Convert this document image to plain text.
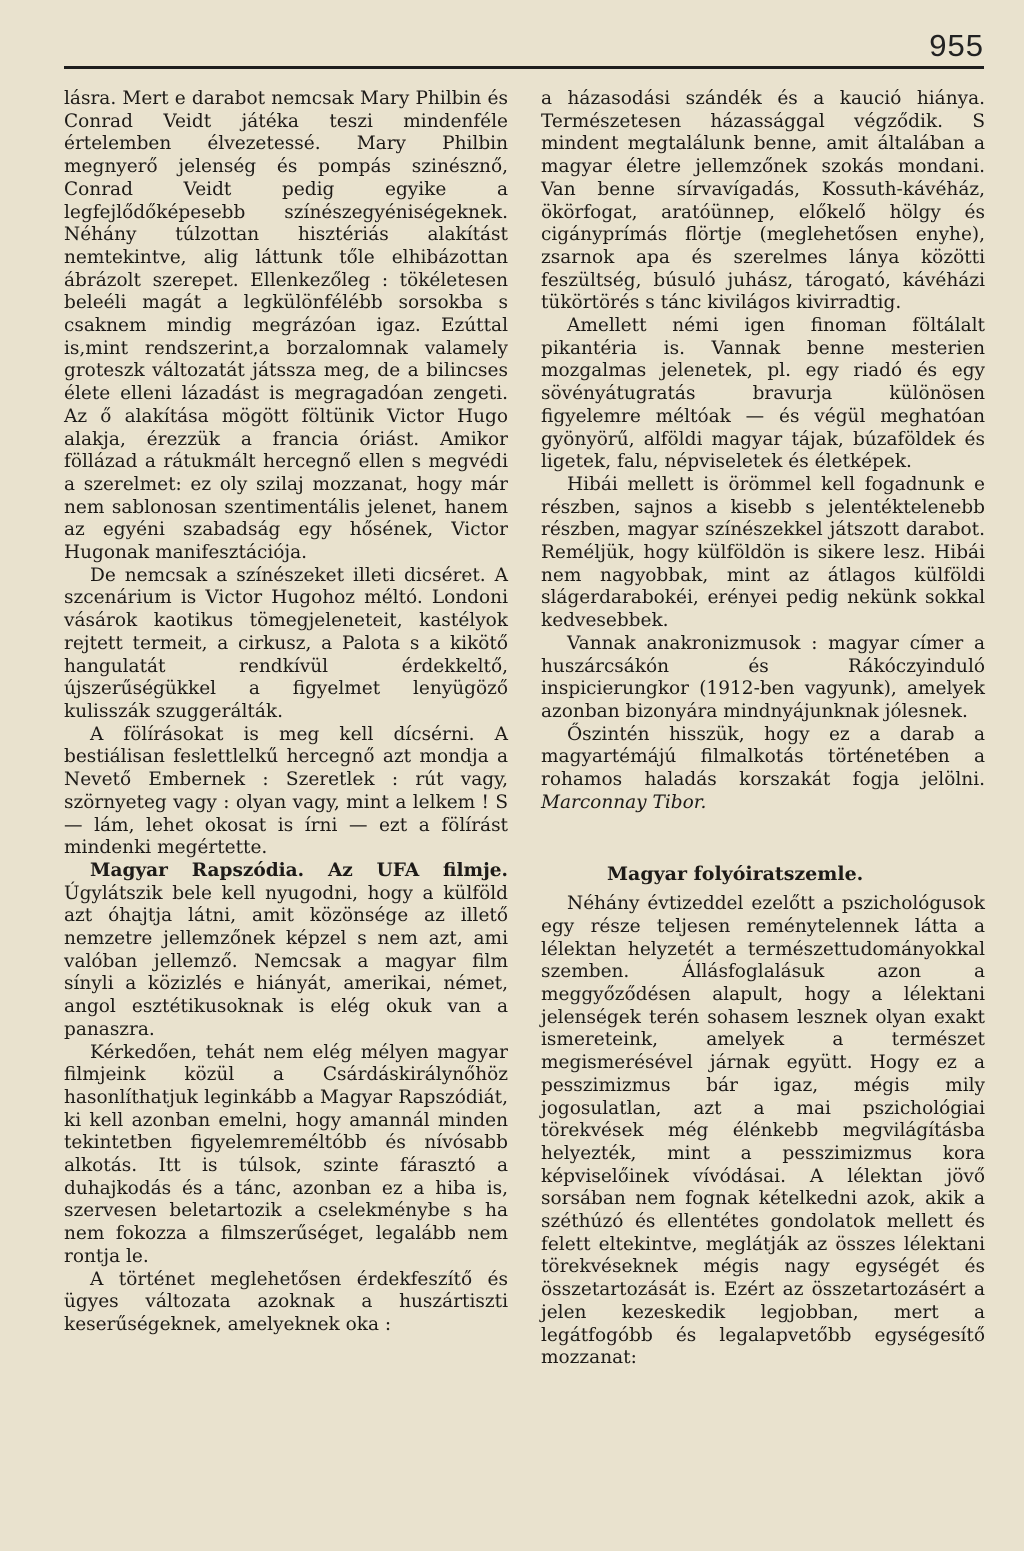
955

lásra. Mert e darabot nemcsak Mary Philbin és Conrad Veidt játéka teszi mindenféle értelemben élvezetessé. Mary Philbin megnyerő jelenség és pompás szinésznő, Conrad Veidt pedig egyike a legfejlődőképesebb színészegyéniségeknek. Néhány túlzottan hisztériás alakítást nemtekintve, alig láttunk tőle elhibázottan ábrázolt szerepet. Ellenkezőleg : tökéletesen beleéli magát a legkülönfélébb sorsokba s csaknem mindig megrázóan igaz. Ezúttal is,mint rendszerint,a borzalomnak valamely groteszk változatát játssza meg, de a bilincses élete elleni lázadást is megragadóan zengeti. Az ő alakítása mögött föltünik Victor Hugo alakja, érezzük a francia óriást. Amikor föllázad a rátukmált hercegnő ellen s megvédi a szerelmet: ez oly szilaj mozzanat, hogy már nem sablonosan szentimentális jelenet, hanem az egyéni szabadság egy hősének, Victor Hugonak manifesztációja.

De nemcsak a színészeket illeti dicséret. A szcenárium is Victor Hugohoz méltó. Londoni vásárok kaotikus tömegjeleneteit, kastélyok rejtett termeit, a cirkusz, a Palota s a kikötő hangulatát rendkívül érdekkeltő, újszerűségükkel a figyelmet lenyügöző kulisszák szuggerálták.

A fölírásokat is meg kell dícsérni. A bestiálisan feslettlelkű hercegnő azt mondja a Nevető Embernek : Szeretlek : rút vagy, szörnyeteg vagy : olyan vagy, mint a lelkem ! S — lám, lehet okosat is írni — ezt a fölírást mindenki megértette.

Magyar Rapszódia. Az UFA filmje. Úgylátszik bele kell nyugodni, hogy a külföld azt óhajtja látni, amit közönsége az illető nemzetre jellemzőnek képzel s nem azt, ami valóban jellemző. Nemcsak a magyar film sínyli a közizlés e hiányát, amerikai, német, angol esztétikusoknak is elég okuk van a panaszra.

Kérkedően, tehát nem elég mélyen magyar filmjeink közül a Csárdáskirálynőhöz hasonlíthatjuk leginkább a Magyar Rapszódiát, ki kell azonban emelni, hogy amannál minden tekintetben figyelemreméltóbb és nívósabb alkotás. Itt is túlsok, szinte fárasztó a duhajkodás és a tánc, azonban ez a hiba is, szervesen beletartozik a cselekménybe s ha nem fokozza a filmszerűséget, legalább nem rontja le.

A történet meglehetősen érdekfeszítő és ügyes változata azoknak a huszártiszti keserűségeknek, amelyeknek oka :

a házasodási szándék és a kaució hiánya. Természetesen házassággal végződik. S mindent megtalálunk benne, amit általában a magyar életre jellemzőnek szokás mondani. Van benne sírvavígadás, Kossuth-kávéház, ökörfogat, aratóünnep, előkelő hölgy és cigányprímás flörtje (meglehetősen enyhe), zsarnok apa és szerelmes lánya közötti feszültség, búsuló juhász, tárogató, kávéházi tükörtörés s tánc kivilágos kivirradtig.

Amellett némi igen finoman föltálalt pikantéria is. Vannak benne mesterien mozgalmas jelenetek, pl. egy riadó és egy sövényátugratás bravurja különösen figyelemre méltóak — és végül meghatóan gyönyörű, alföldi magyar tájak, búzaföldek és ligetek, falu, népviseletek és életképek.

Hibái mellett is örömmel kell fogadnunk e részben, sajnos a kisebb s jelentéktelenebb részben, magyar színészekkel játszott darabot. Reméljük, hogy külföldön is sikere lesz. Hibái nem nagyobbak, mint az átlagos külföldi slágerdarabokéi, erényei pedig nekünk sokkal kedvesebbek.

Vannak anakronizmusok : magyar címer a huszárcsákón és Rákóczyinduló inspicierungkor (1912-ben vagyunk), amelyek azonban bizonyára mindnyájunknak jólesnek.

Őszintén hisszük, hogy ez a darab a magyartémájú filmalkotás történetében a rohamos haladás korszakát fogja jelölni. Marconnay Tibor.

Magyar folyóiratszemle.

Néhány évtizeddel ezelőtt a pszichológusok egy része teljesen reménytelennek látta a lélektan helyzetét a természettudományokkal szemben. Állásfoglalásuk azon a meggyőződésen alapult, hogy a lélektani jelenségek terén sohasem lesznek olyan exakt ismereteink, amelyek a természet megismerésével járnak együtt. Hogy ez a pesszimizmus bár igaz, mégis mily jogosulatlan, azt a mai pszichológiai törekvések még élénkebb megvilágításba helyezték, mint a pesszimizmus kora képviselőinek vívódásai. A lélektan jövő sorsában nem fognak kételkedni azok, akik a széthúzó és ellentétes gondolatok mellett és felett eltekintve, meglátják az összes lélektani törekvéseknek mégis nagy egységét és összetartozását is. Ezért az összetartozásért a jelen kezeskedik legjobban, mert a legátfogóbb és legalapvetőbb egységesítő mozzanat:
